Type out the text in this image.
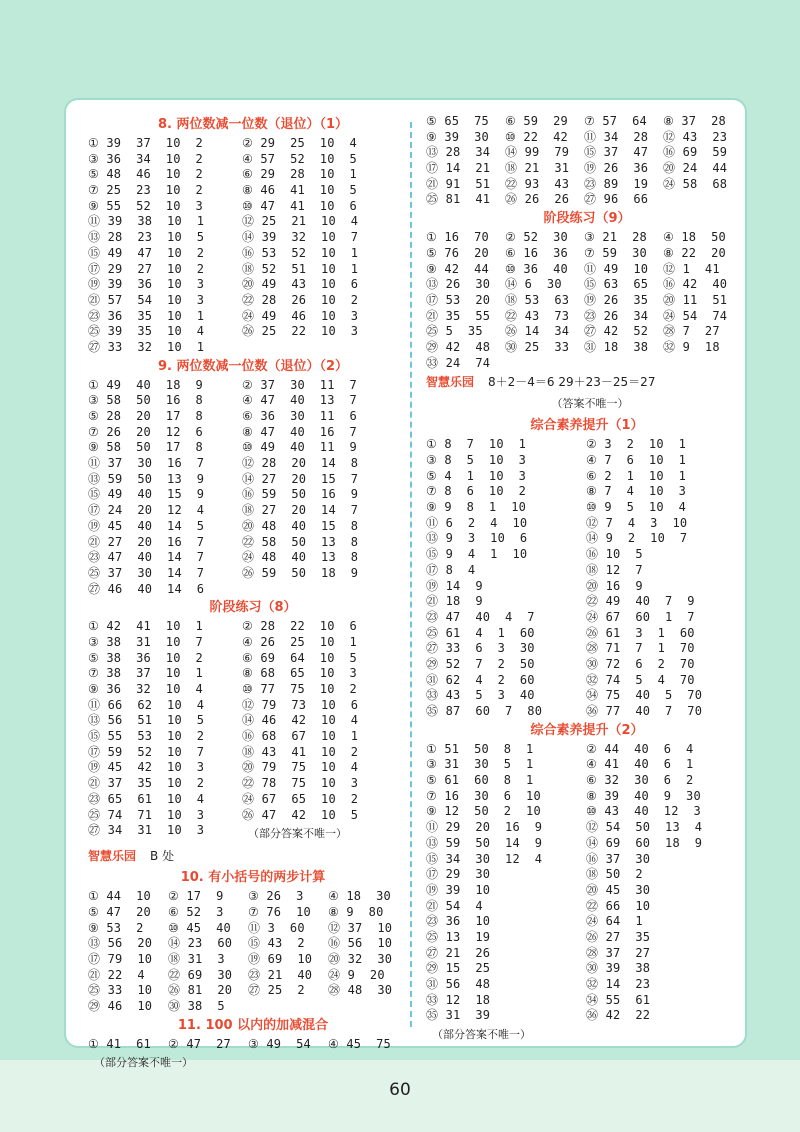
8. 两位数减一位数（退位）（1）
① 39  37  10  2	② 29  25  10  4
③ 36  34  10  2	④ 57  52  10  5
⑤ 48  46  10  2	⑥ 29  28  10  1
⑦ 25  23  10  2	⑧ 46  41  10  5
⑨ 55  52  10  3	⑩ 47  41  10  6
⑪ 39  38  10  1	⑫ 25  21  10  4
⑬ 28  23  10  5	⑭ 39  32  10  7
⑮ 49  47  10  2	⑯ 53  52  10  1
⑰ 29  27  10  2	⑱ 52  51  10  1
⑲ 39  36  10  3	⑳ 49  43  10  6
㉑ 57  54  10  3	㉒ 28  26  10  2
㉓ 36  35  10  1	㉔ 49  46  10  3
㉕ 39  35  10  4	㉖ 25  22  10  3
㉗ 33  32  10  1
9. 两位数减一位数（退位）（2）
① 49  40  18  9	② 37  30  11  7
③ 58  50  16  8	④ 47  40  13  7
⑤ 28  20  17  8	⑥ 36  30  11  6
⑦ 26  20  12  6	⑧ 47  40  16  7
⑨ 58  50  17  8	⑩ 49  40  11  9
⑪ 37  30  16  7	⑫ 28  20  14  8
⑬ 59  50  13  9	⑭ 27  20  15  7
⑮ 49  40  15  9	⑯ 59  50  16  9
⑰ 24  20  12  4	⑱ 27  20  14  7
⑲ 45  40  14  5	⑳ 48  40  15  8
㉑ 27  20  16  7	㉒ 58  50  13  8
㉓ 47  40  14  7	㉔ 48  40  13  8
㉕ 37  30  14  7	㉖ 59  50  18  9
㉗ 46  40  14  6
阶段练习（8）
① 42  41  10  1	② 28  22  10  6
③ 38  31  10  7	④ 26  25  10  1
⑤ 38  36  10  2	⑥ 69  64  10  5
⑦ 38  37  10  1	⑧ 68  65  10  3
⑨ 36  32  10  4	⑩ 77  75  10  2
⑪ 66  62  10  4	⑫ 79  73  10  6
⑬ 56  51  10  5	⑭ 46  42  10  4
⑮ 55  53  10  2	⑯ 68  67  10  1
⑰ 59  52  10  7	⑱ 43  41  10  2
⑲ 45  42  10  3	⑳ 79  75  10  4
㉑ 37  35  10  2	㉒ 78  75  10  3
㉓ 65  61  10  4	㉔ 67  65  10  2
㉕ 74  71  10  3	㉖ 47  42  10  5
㉗ 34  31  10  3	（部分答案不唯一）
智慧乐园 B 处
10. 有小括号的两步计算
① 44  10	② 17  9	③ 26  3	④ 18  30
⑤ 47  20	⑥ 52  3	⑦ 76  10	⑧ 9  80
⑨ 53  2	⑩ 45  40	⑪ 3  60	⑫ 37  10
⑬ 56  20	⑭ 23  60	⑮ 43  2	⑯ 56  10
⑰ 79  10	⑱ 31  3	⑲ 69  10	⑳ 32  30
㉑ 22  4	㉒ 69  30	㉓ 21  40	㉔ 9  20
㉕ 33  10	㉖ 81  20	㉗ 25  2	㉘ 48  30
㉙ 46  10	㉚ 38  5
11. 100 以内的加减混合
① 41  61	② 47  27	③ 49  54	④ 45  75
（部分答案不唯一）
⑤ 65  75	⑥ 59  29	⑦ 57  64	⑧ 37  28
⑨ 39  30	⑩ 22  42	⑪ 34  28	⑫ 43  23
⑬ 28  34	⑭ 99  79	⑮ 37  47	⑯ 69  59
⑰ 14  21	⑱ 21  31	⑲ 26  36	⑳ 24  44
㉑ 91  51	㉒ 93  43	㉓ 89  19	㉔ 58  68
㉕ 81  41	㉖ 26  26	㉗ 96  66
阶段练习（9）
① 16  70	② 52  30	③ 21  28	④ 18  50
⑤ 76  20	⑥ 16  36	⑦ 59  30	⑧ 22  20
⑨ 42  44	⑩ 36  40	⑪ 49  10	⑫ 1  41
⑬ 26  30	⑭ 6  30	⑮ 63  65	⑯ 42  40
⑰ 53  20	⑱ 53  63	⑲ 26  35	⑳ 11  51
㉑ 35  55	㉒ 43  73	㉓ 26  34	㉔ 54  74
㉕ 5  35	㉖ 14  34	㉗ 42  52	㉘ 7  27
㉙ 42  48	㉚ 25  33	㉛ 18  38	㉜ 9  18
㉝ 24  74
智慧乐园 8＋2－4＝6 29＋23－25＝27
（答案不唯一）
综合素养提升（1）
① 8  7  10  1	② 3  2  10  1
③ 8  5  10  3	④ 7  6  10  1
⑤ 4  1  10  3	⑥ 2  1  10  1
⑦ 8  6  10  2	⑧ 7  4  10  3
⑨ 9  8  1  10	⑩ 9  5  10  4
⑪ 6  2  4  10	⑫ 7  4  3  10
⑬ 9  3  10  6	⑭ 9  2  10  7
⑮ 9  4  1  10	⑯ 10  5
⑰ 8  4	⑱ 12  7
⑲ 14  9	⑳ 16  9
㉑ 18  9	㉒ 49  40  7  9
㉓ 47  40  4  7	㉔ 67  60  1  7
㉕ 61  4  1  60	㉖ 61  3  1  60
㉗ 33  6  3  30	㉘ 71  7  1  70
㉙ 52  7  2  50	㉚ 72  6  2  70
㉛ 62  4  2  60	㉜ 74  5  4  70
㉝ 43  5  3  40	㉞ 75  40  5  70
㉟ 87  60  7  80	㊱ 77  40  7  70
综合素养提升（2）
① 51  50  8  1	② 44  40  6  4
③ 31  30  5  1	④ 41  40  6  1
⑤ 61  60  8  1	⑥ 32  30  6  2
⑦ 16  30  6  10	⑧ 39  40  9  30
⑨ 12  50  2  10	⑩ 43  40  12  3
⑪ 29  20  16  9	⑫ 54  50  13  4
⑬ 59  50  14  9	⑭ 69  60  18  9
⑮ 34  30  12  4	⑯ 37  30
⑰ 29  30	⑱ 50  2
⑲ 39  10	⑳ 45  30
㉑ 54  4	㉒ 66  10
㉓ 36  10	㉔ 64  1
㉕ 13  19	㉖ 27  35
㉗ 21  26	㉘ 37  27
㉙ 15  25	㉚ 39  38
㉛ 56  48	㉜ 14  23
㉝ 12  18	㉞ 55  61
㉟ 31  39	㊱ 42  22
（部分答案不唯一）
60
